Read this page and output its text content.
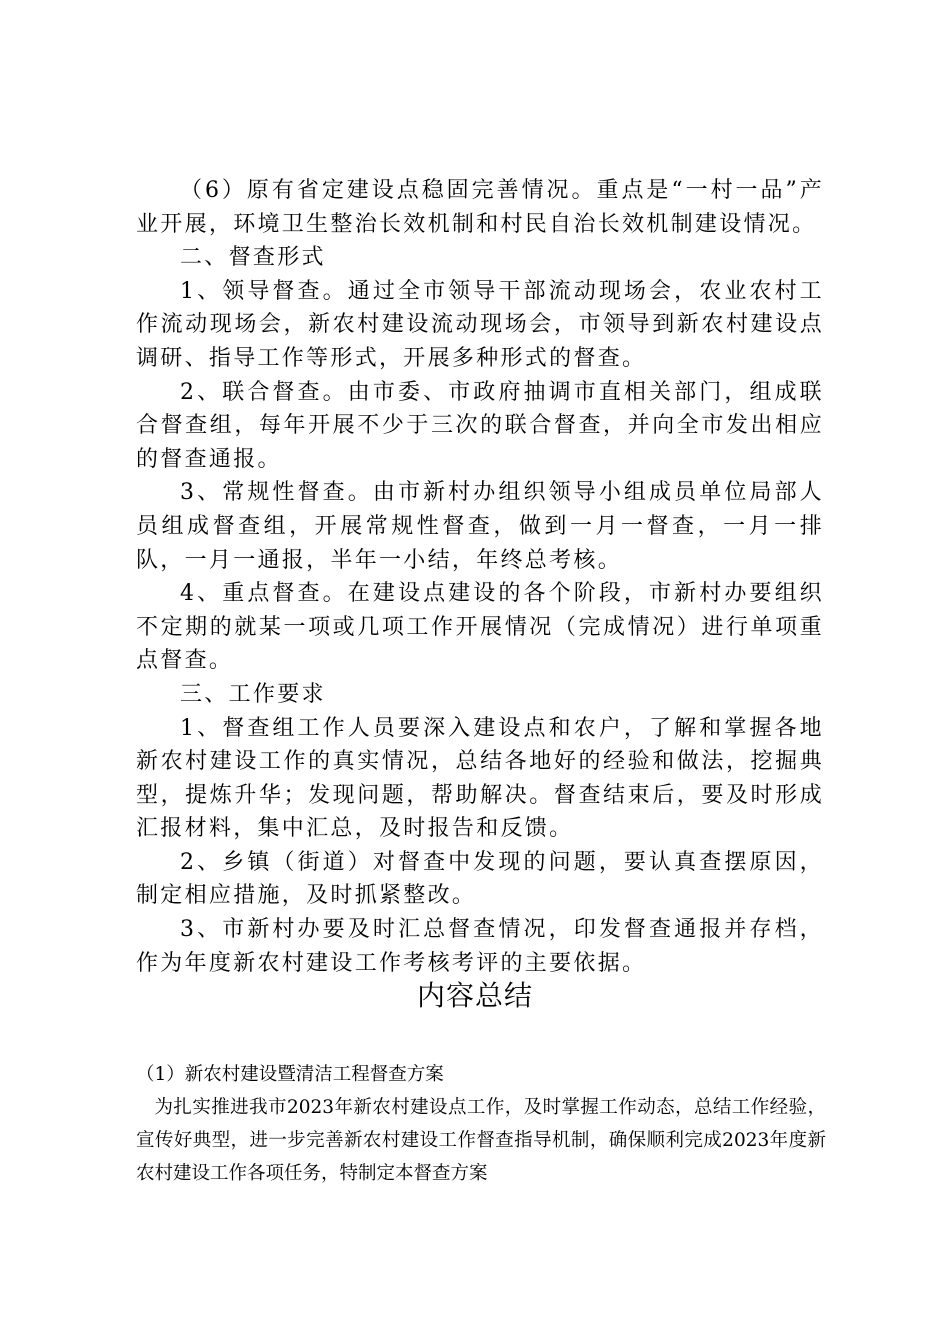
（6）原有省定建设点稳固完善情况。重点是“一村一品”产业开展，环境卫生整治长效机制和村民自治长效机制建设情况。

二、督查形式

1、领导督查。通过全市领导干部流动现场会，农业农村工作流动现场会，新农村建设流动现场会，市领导到新农村建设点调研、指导工作等形式，开展多种形式的督查。

2、联合督查。由市委、市政府抽调市直相关部门，组成联合督查组，每年开展不少于三次的联合督查，并向全市发出相应的督查通报。

3、常规性督查。由市新村办组织领导小组成员单位局部人员组成督查组，开展常规性督查，做到一月一督查，一月一排队，一月一通报，半年一小结，年终总考核。

4、重点督查。在建设点建设的各个阶段，市新村办要组织不定期的就某一项或几项工作开展情况（完成情况）进行单项重点督查。

三、工作要求

1、督查组工作人员要深入建设点和农户，了解和掌握各地新农村建设工作的真实情况，总结各地好的经验和做法，挖掘典型，提炼升华；发现问题，帮助解决。督查结束后，要及时形成汇报材料，集中汇总，及时报告和反馈。

2、乡镇（街道）对督查中发现的问题，要认真查摆原因，制定相应措施，及时抓紧整改。

3、市新村办要及时汇总督查情况，印发督查通报并存档，作为年度新农村建设工作考核考评的主要依据。

内容总结

（1）新农村建设暨清洁工程督查方案

为扎实推进我市2023年新农村建设点工作，及时掌握工作动态，总结工作经验，宣传好典型，进一步完善新农村建设工作督查指导机制，确保顺利完成2023年度新农村建设工作各项任务，特制定本督查方案
